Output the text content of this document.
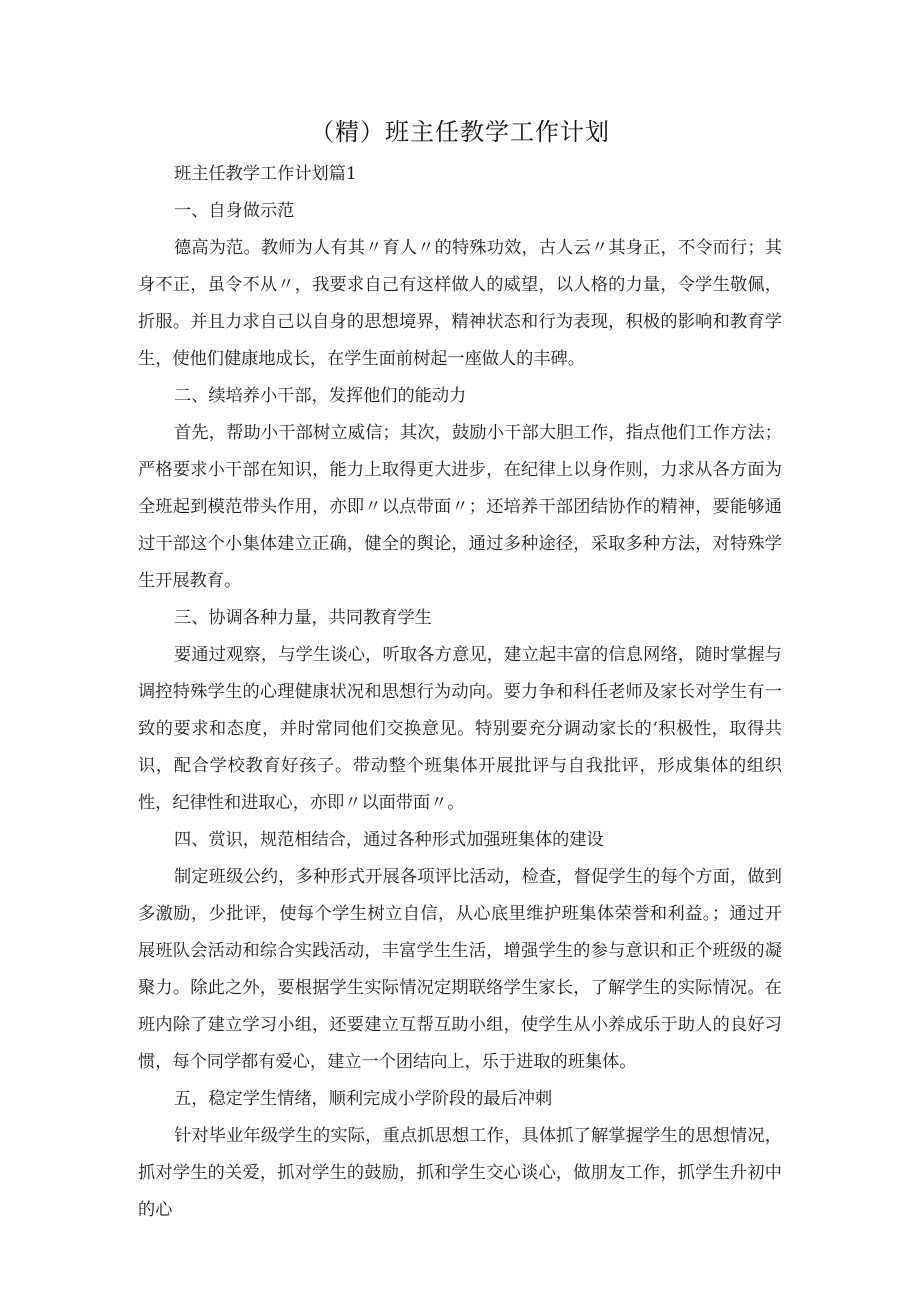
（精）班主任教学工作计划

班主任教学工作计划篇1

一、自身做示范

德高为范。教师为人有其〃育人〃的特殊功效，古人云〃其身正，不令而行；其身不正，虽令不从〃，我要求自己有这样做人的威望，以人格的力量，令学生敬佩，折服。并且力求自己以自身的思想境界，精神状态和行为表现，积极的影响和教育学生，使他们健康地成长，在学生面前树起一座做人的丰碑。

二、续培养小干部，发挥他们的能动力

首先，帮助小干部树立威信；其次，鼓励小干部大胆工作，指点他们工作方法；严格要求小干部在知识，能力上取得更大进步，在纪律上以身作则，力求从各方面为全班起到模范带头作用，亦即〃以点带面〃；还培养干部团结协作的精神，要能够通过干部这个小集体建立正确，健全的舆论，通过多种途径，采取多种方法，对特殊学生开展教育。

三、协调各种力量，共同教育学生

要通过观察，与学生谈心，听取各方意见，建立起丰富的信息网络，随时掌握与调控特殊学生的心理健康状况和思想行为动向。要力争和科任老师及家长对学生有一致的要求和态度，并时常同他们交换意见。特别要充分调动家长的‘积极性，取得共识，配合学校教育好孩子。带动整个班集体开展批评与自我批评，形成集体的组织性，纪律性和进取心，亦即〃以面带面〃。

四、赏识，规范相结合，通过各种形式加强班集体的建设

制定班级公约，多种形式开展各项评比活动，检查，督促学生的每个方面，做到多激励，少批评，使每个学生树立自信，从心底里维护班集体荣誉和利益。；通过开展班队会活动和综合实践活动，丰富学生生活，增强学生的参与意识和正个班级的凝聚力。除此之外，要根据学生实际情况定期联络学生家长，了解学生的实际情况。在班内除了建立学习小组，还要建立互帮互助小组，使学生从小养成乐于助人的良好习惯，每个同学都有爱心，建立一个团结向上，乐于进取的班集体。

五，稳定学生情绪，顺利完成小学阶段的最后冲刺

针对毕业年级学生的实际，重点抓思想工作，具体抓了解掌握学生的思想情况，抓对学生的关爱，抓对学生的鼓励，抓和学生交心谈心，做朋友工作，抓学生升初中的心
